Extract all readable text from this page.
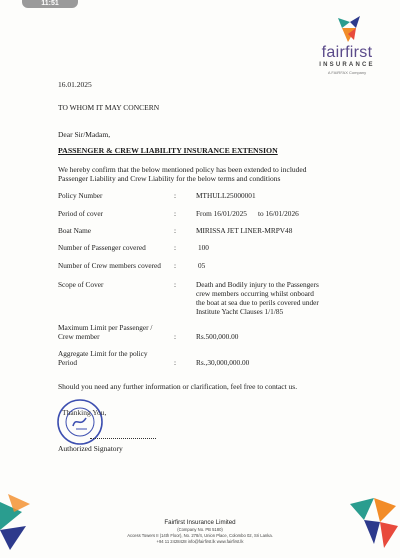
11:51
fairfirst
INSURANCE
A FAIRFAX Company
16.01.2025
TO WHOM IT MAY CONCERN
Dear Sir/Madam,
PASSENGER & CREW LIABILITY INSURANCE EXTENSION
We hereby confirm that the below mentioned policy has been extended to included
Passenger Liability and Crew Liability for the below terms and conditions
Policy Number	:	MTHULL25000001
Period of cover	:	From 16/01/2025 to 16/01/2026
Boat Name	:	MIRISSA JET LINER-MRPV48
Number of Passenger covered	:	100
Number of Crew members covered :	05
Scope of Cover	:	Death and Bodily injury to the Passengers
crew members occurring whilst onboard
the boat at sea due to perils covered under
Institute Yacht Clauses 1/1/85
Maximum Limit per Passenger /
Crew member	:	Rs.500,000.00
Aggregate Limit for the policy
Period	:	Rs.,30,000,000.00
Should you need any further information or clarification, feel free to contact us.
Thanking You,
Authorized Signatory
Fairfirst Insurance Limited
(Company No. PB 5180)
Access Towers II (14th Floor), No. 278/4, Union Place, Colombo 02, Sri Lanka.
+94 11 2428428 info@fairfirst.lk www.fairfirst.lk
